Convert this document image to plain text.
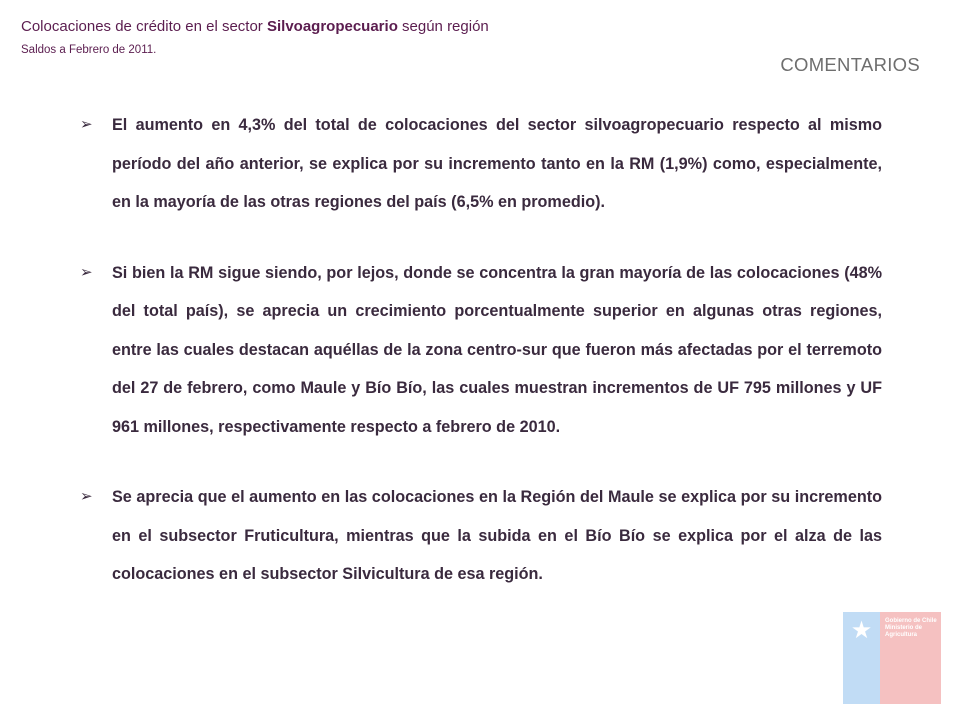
Colocaciones de crédito en el sector Silvoagropecuario según región
Saldos a Febrero de 2011.
COMENTARIOS
➢ El aumento en 4,3% del total de colocaciones del sector silvoagropecuario respecto al mismo período del año anterior, se explica por su incremento tanto en la RM (1,9%) como, especialmente, en la mayoría de las otras regiones del país (6,5% en promedio).
➢ Si bien la RM sigue siendo, por lejos, donde se concentra la gran mayoría de las colocaciones (48% del total país), se aprecia un crecimiento porcentualmente superior en algunas otras regiones, entre las cuales destacan aquéllas de la zona centro-sur que fueron más afectadas por el terremoto del 27 de febrero, como Maule y Bío Bío, las cuales muestran incrementos de UF 795 millones y UF 961 millones, respectivamente respecto a febrero de 2010.
➢ Se aprecia que el aumento en las colocaciones en la Región del Maule se explica por su incremento en el subsector Fruticultura, mientras que la subida en el Bío Bío se explica por el alza de las colocaciones en el subsector Silvicultura de esa región.
★ Gobierno de Chile
Ministerio de
Agricultura
